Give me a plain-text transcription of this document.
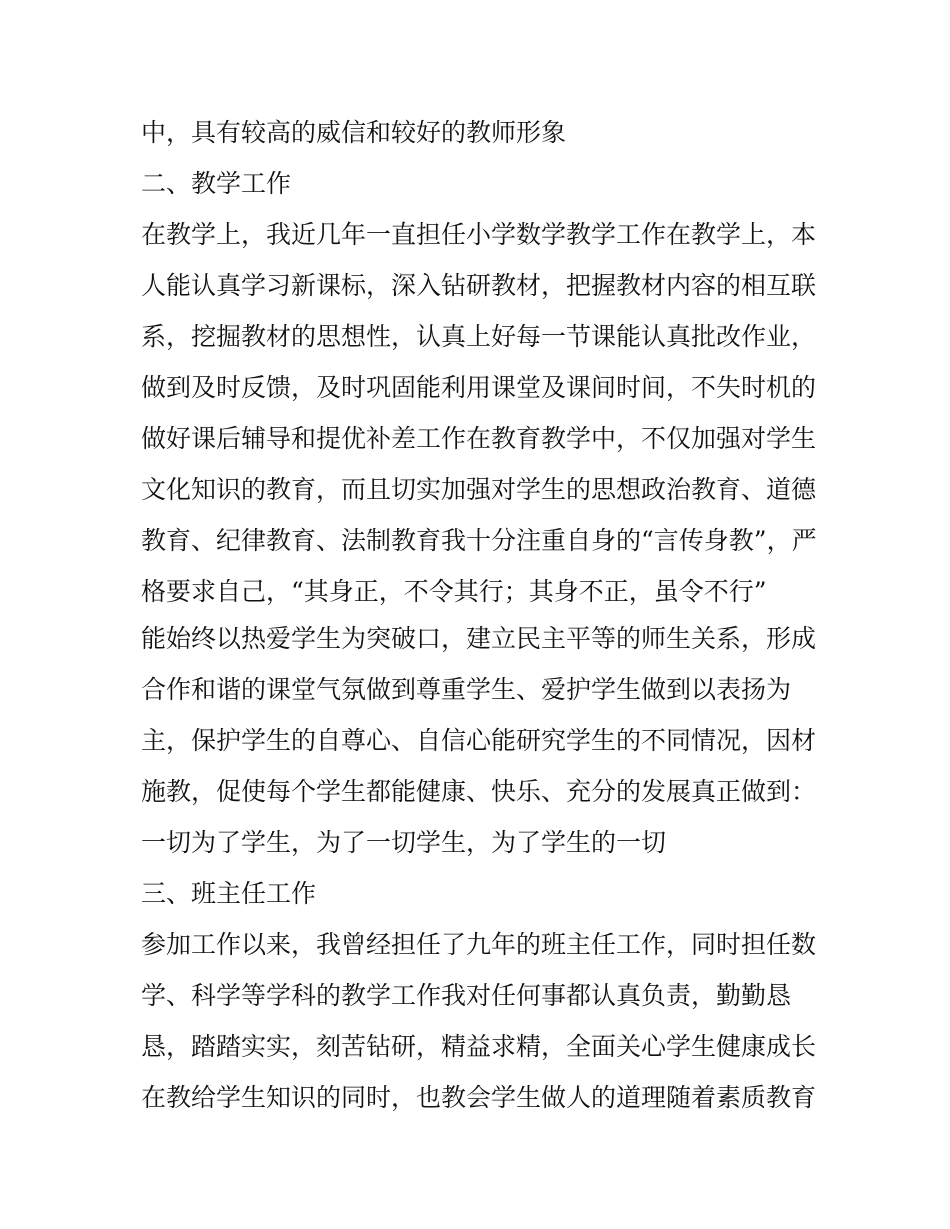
中，具有较高的威信和较好的教师形象
二、教学工作
在教学上，我近几年一直担任小学数学教学工作在教学上，本
人能认真学习新课标，深入钻研教材，把握教材内容的相互联
系，挖掘教材的思想性，认真上好每一节课能认真批改作业，
做到及时反馈，及时巩固能利用课堂及课间时间，不失时机的
做好课后辅导和提优补差工作在教育教学中，不仅加强对学生
文化知识的教育，而且切实加强对学生的思想政治教育、道德
教育、纪律教育、法制教育我十分注重自身的“言传身教”，严
格要求自己，“其身正，不令其行；其身不正，虽令不行”
能始终以热爱学生为突破口，建立民主平等的师生关系，形成
合作和谐的课堂气氛做到尊重学生、爱护学生做到以表扬为
主，保护学生的自尊心、自信心能研究学生的不同情况，因材
施教，促使每个学生都能健康、快乐、充分的发展真正做到：
一切为了学生，为了一切学生，为了学生的一切
三、班主任工作
参加工作以来，我曾经担任了九年的班主任工作，同时担任数
学、科学等学科的教学工作我对任何事都认真负责，勤勤恳
恳，踏踏实实，刻苦钻研，精益求精，全面关心学生健康成长
在教给学生知识的同时，也教会学生做人的道理随着素质教育
